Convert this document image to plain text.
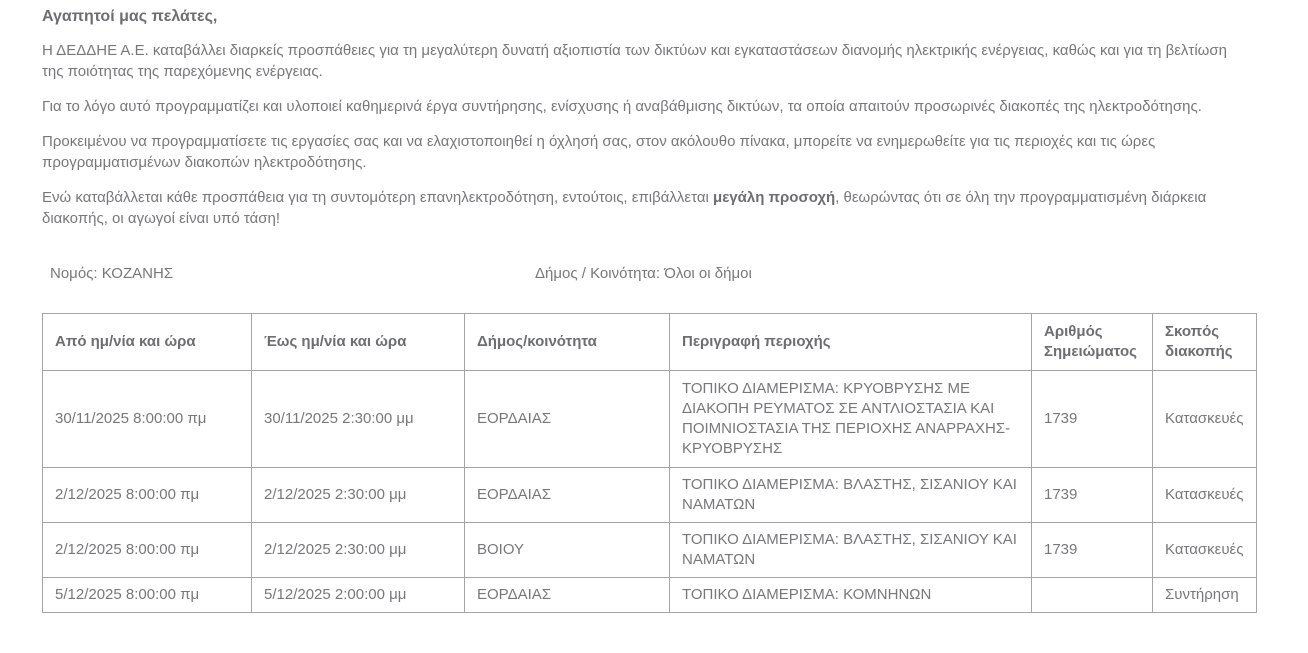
Αγαπητοί μας πελάτες,

Η ΔΕΔΔΗΕ Α.Ε. καταβάλλει διαρκείς προσπάθειες για τη μεγαλύτερη δυνατή αξιοπιστία των δικτύων και εγκαταστάσεων διανομής ηλεκτρικής ενέργειας, καθώς και για τη βελτίωση της ποιότητας της παρεχόμενης ενέργειας.

Για το λόγο αυτό προγραμματίζει και υλοποιεί καθημερινά έργα συντήρησης, ενίσχυσης ή αναβάθμισης δικτύων, τα οποία απαιτούν προσωρινές διακοπές της ηλεκτροδότησης.

Προκειμένου να προγραμματίσετε τις εργασίες σας και να ελαχιστοποιηθεί η όχλησή σας, στον ακόλουθο πίνακα, μπορείτε να ενημερωθείτε για τις περιοχές και τις ώρες προγραμματισμένων διακοπών ηλεκτροδότησης.

Ενώ καταβάλλεται κάθε προσπάθεια για τη συντομότερη επανηλεκτροδότηση, εντούτοις, επιβάλλεται μεγάλη προσοχή, θεωρώντας ότι σε όλη την προγραμματισμένη διάρκεια διακοπής, οι αγωγοί είναι υπό τάση!

Νομός: ΚΟΖΑΝΗΣ	Δήμος / Κοινότητα: Όλοι οι δήμοι
Από ημ/νία και ώρα	Έως ημ/νία και ώρα	Δήμος/κοινότητα	Περιγραφή περιοχής	Αριθμός Σημειώματος	Σκοπός διακοπής
30/11/2025 8:00:00 πμ	30/11/2025 2:30:00 μμ	ΕΟΡΔΑΙΑΣ	ΤΟΠΙΚΟ ΔΙΑΜΕΡΙΣΜΑ: ΚΡΥΟΒΡΥΣΗΣ ΜΕ ΔΙΑΚΟΠΗ ΡΕΥΜΑΤΟΣ ΣΕ ΑΝΤΛΙΟΣΤΑΣΙΑ ΚΑΙ ΠΟΙΜΝΙΟΣΤΑΣΙΑ ΤΗΣ ΠΕΡΙΟΧΗΣ ΑΝΑΡΡΑΧΗΣ-ΚΡΥΟΒΡΥΣΗΣ	1739	Κατασκευές
2/12/2025 8:00:00 πμ	2/12/2025 2:30:00 μμ	ΕΟΡΔΑΙΑΣ	ΤΟΠΙΚΟ ΔΙΑΜΕΡΙΣΜΑ: ΒΛΑΣΤΗΣ, ΣΙΣΑΝΙΟΥ ΚΑΙ ΝΑΜΑΤΩΝ	1739	Κατασκευές
2/12/2025 8:00:00 πμ	2/12/2025 2:30:00 μμ	ΒΟΙΟΥ	ΤΟΠΙΚΟ ΔΙΑΜΕΡΙΣΜΑ: ΒΛΑΣΤΗΣ, ΣΙΣΑΝΙΟΥ ΚΑΙ ΝΑΜΑΤΩΝ	1739	Κατασκευές
5/12/2025 8:00:00 πμ	5/12/2025 2:00:00 μμ	ΕΟΡΔΑΙΑΣ	ΤΟΠΙΚΟ ΔΙΑΜΕΡΙΣΜΑ: ΚΟΜΝΗΝΩΝ		Συντήρηση
